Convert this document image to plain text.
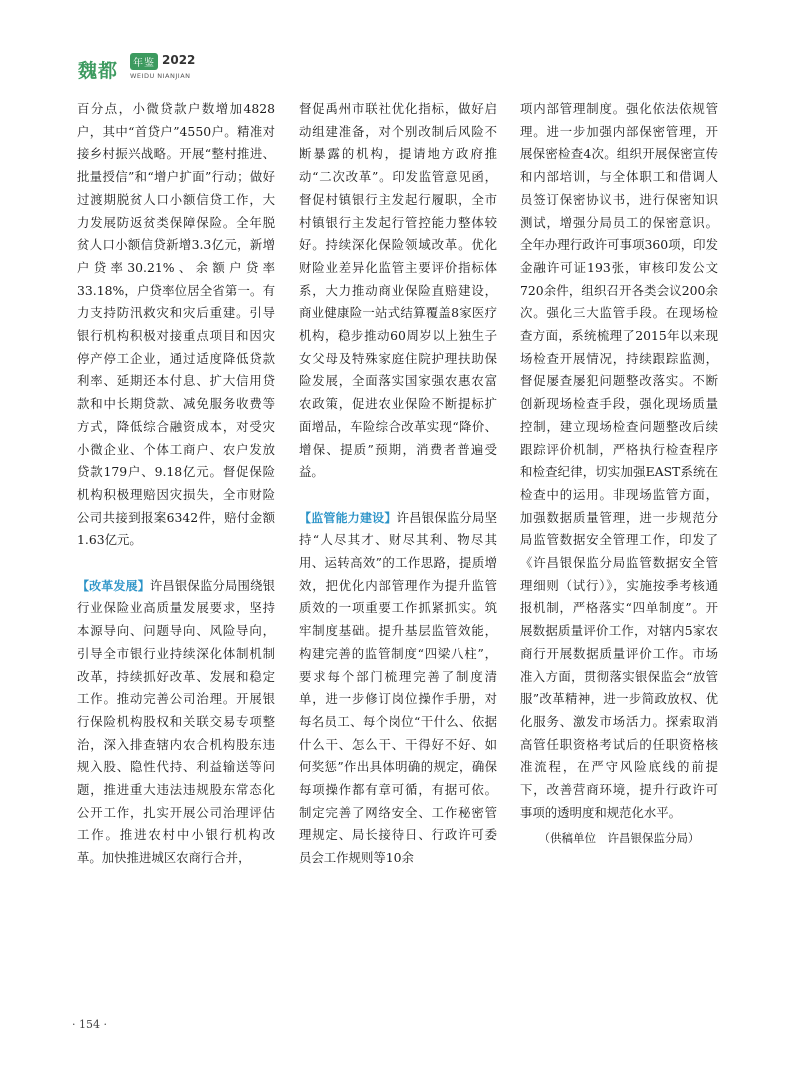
魏都	年鉴 2022
WEIDU NIANJIAN

百分点，小微贷款户数增加4828户，其中“首贷户”4550户。精准对接乡村振兴战略。开展“整村推进、批量授信”和“增户扩面”行动；做好过渡期脱贫人口小额信贷工作，大力发展防返贫类保障保险。全年脱贫人口小额信贷新增3.3亿元，新增户贷率30.21%、余额户贷率33.18%，户贷率位居全省第一。有力支持防汛救灾和灾后重建。引导银行机构积极对接重点项目和因灾停产停工企业，通过适度降低贷款利率、延期还本付息、扩大信用贷款和中长期贷款、减免服务收费等方式，降低综合融资成本，对受灾小微企业、个体工商户、农户发放贷款179户、9.18亿元。督促保险机构积极理赔因灾损失，全市财险公司共接到报案6342件，赔付金额1.63亿元。

【改革发展】许昌银保监分局围绕银行业保险业高质量发展要求，坚持本源导向、问题导向、风险导向，引导全市银行业持续深化体制机制改革，持续抓好改革、发展和稳定工作。推动完善公司治理。开展银行保险机构股权和关联交易专项整治，深入排查辖内农合机构股东违规入股、隐性代持、利益输送等问题，推进重大违法违规股东常态化公开工作，扎实开展公司治理评估工作。推进农村中小银行机构改革。加快推进城区农商行合并，

督促禹州市联社优化指标，做好启动组建准备，对个别改制后风险不断暴露的机构，提请地方政府推动“二次改革”。印发监管意见函，督促村镇银行主发起行履职，全市村镇银行主发起行管控能力整体较好。持续深化保险领域改革。优化财险业差异化监管主要评价指标体系，大力推动商业保险直赔建设，商业健康险一站式结算覆盖8家医疗机构，稳步推动60周岁以上独生子女父母及特殊家庭住院护理扶助保险发展，全面落实国家强农惠农富农政策，促进农业保险不断提标扩面增品，车险综合改革实现“降价、增保、提质”预期，消费者普遍受益。

【监管能力建设】许昌银保监分局坚持“人尽其才、财尽其利、物尽其用、运转高效”的工作思路，提质增效，把优化内部管理作为提升监管质效的一项重要工作抓紧抓实。筑牢制度基础。提升基层监管效能，构建完善的监管制度“四梁八柱”，要求每个部门梳理完善了制度清单，进一步修订岗位操作手册，对每名员工、每个岗位“干什么、依据什么干、怎么干、干得好不好、如何奖惩”作出具体明确的规定，确保每项操作都有章可循，有据可依。制定完善了网络安全、工作秘密管理规定、局长接待日、行政许可委员会工作规则等10余

项内部管理制度。强化依法依规管理。进一步加强内部保密管理，开展保密检查4次。组织开展保密宣传和内部培训，与全体职工和借调人员签订保密协议书，进行保密知识测试，增强分局员工的保密意识。全年办理行政许可事项360项，印发金融许可证193张，审核印发公文720余件，组织召开各类会议200余次。强化三大监管手段。在现场检查方面，系统梳理了2015年以来现场检查开展情况，持续跟踪监测，督促屡查屡犯问题整改落实。不断创新现场检查手段，强化现场质量控制，建立现场检查问题整改后续跟踪评价机制，严格执行检查程序和检查纪律，切实加强EAST系统在检查中的运用。非现场监管方面，加强数据质量管理，进一步规范分局监管数据安全管理工作，印发了《许昌银保监分局监管数据安全管理细则（试行）》，实施按季考核通报机制，严格落实“四单制度”。开展数据质量评价工作，对辖内5家农商行开展数据质量评价工作。市场准入方面，贯彻落实银保监会“放管服”改革精神，进一步简政放权、优化服务、激发市场活力。探索取消高管任职资格考试后的任职资格核准流程，在严守风险底线的前提下，改善营商环境，提升行政许可事项的透明度和规范化水平。

（供稿单位　许昌银保监分局）

· 154 ·
